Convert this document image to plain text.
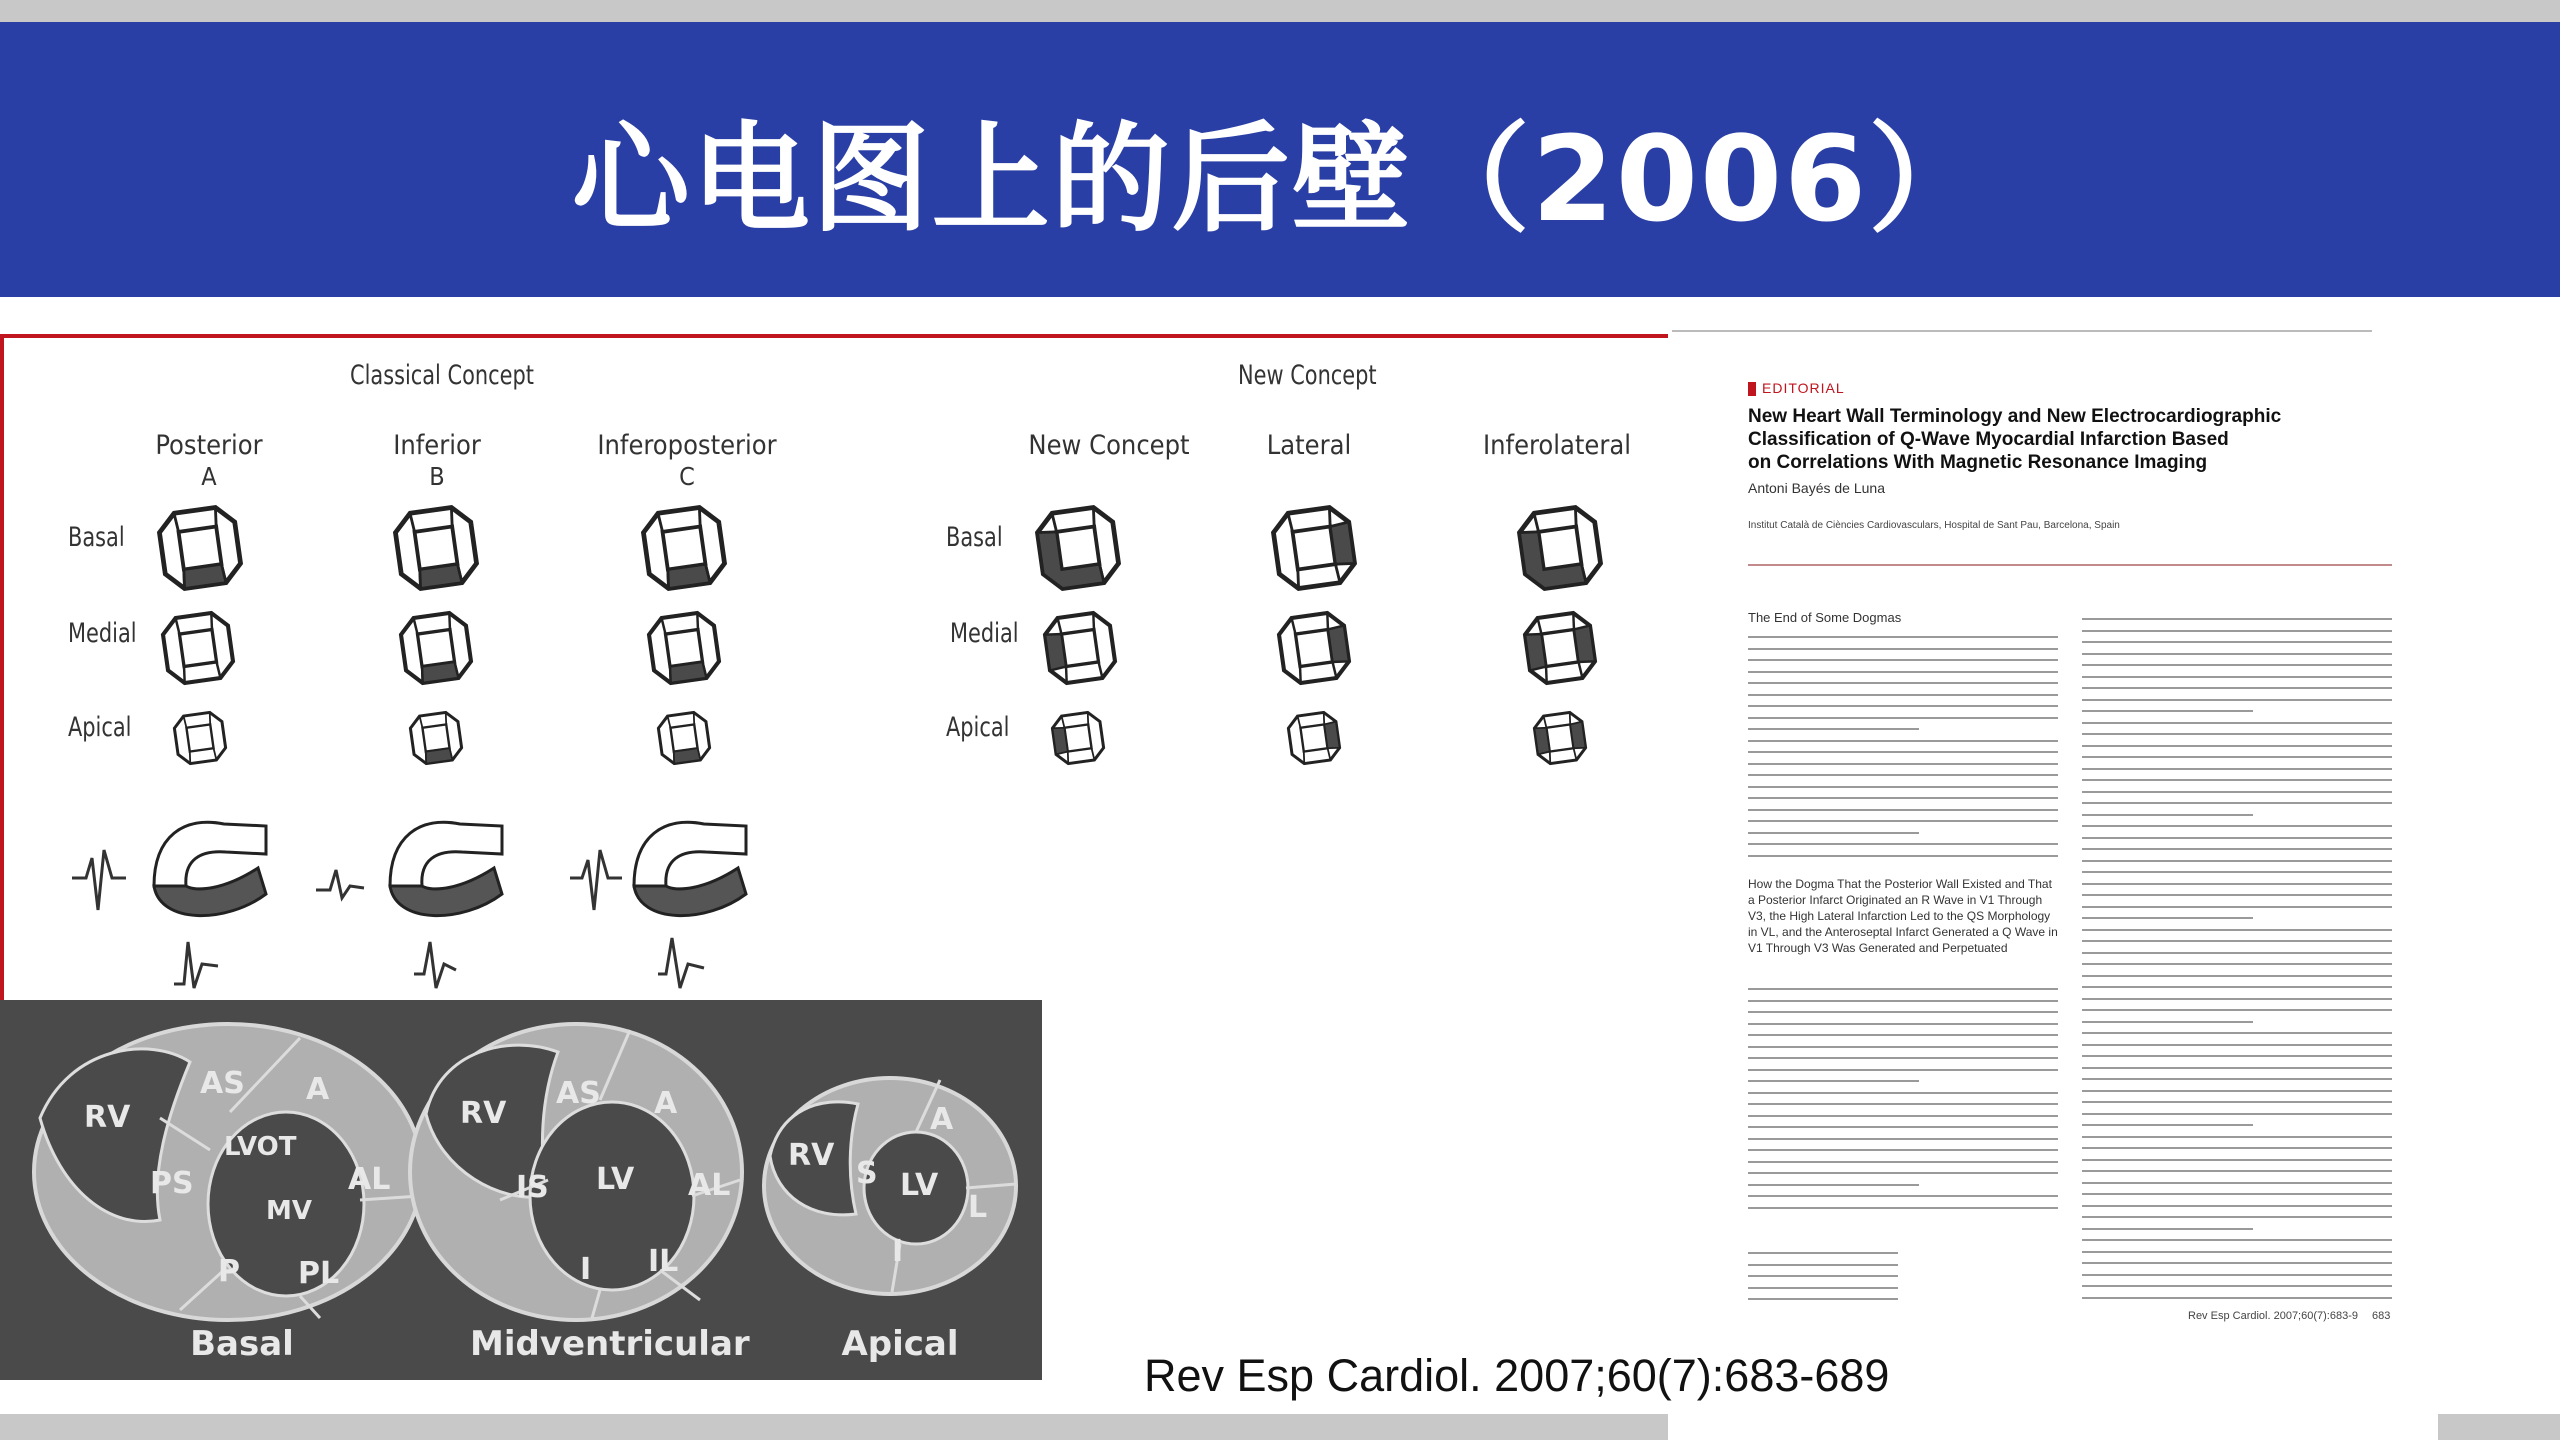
心电图上的后壁（2006）
Classical Concept	New Concept
Posterior
A
Inferior
B
Inferoposterior
C
New Concept	Lateral	Inferolateral
Basal
Medial
Apical
Basal
Medial
Apical
RV
AS A
LVOT
PS	AL
MV
P PL
RV
AS A
IS LV AL
I IL
RV
S LV
A
L
I
Basal	Midventricular	Apical
EDITORIAL
New Heart Wall Terminology and New Electrocardiographic
Classification of Q-Wave Myocardial Infarction Based
on Correlations With Magnetic Resonance Imaging
Antoni Bayés de Luna
Institut Català de Ciències Cardiovasculars, Hospital de Sant Pau, Barcelona, Spain
The End of Some Dogmas
How the Dogma That the Posterior Wall Existed and That a Posterior Infarct Originated an R Wave in V1 Through V3, the High Lateral Infarction Led to the QS Morphology in VL, and the Anteroseptal Infarct Generated a Q Wave in V1 Through V3 Was Generated and Perpetuated
Rev Esp Cardiol. 2007;60(7):683-9 683
Rev Esp Cardiol. 2007;60(7):683-689
